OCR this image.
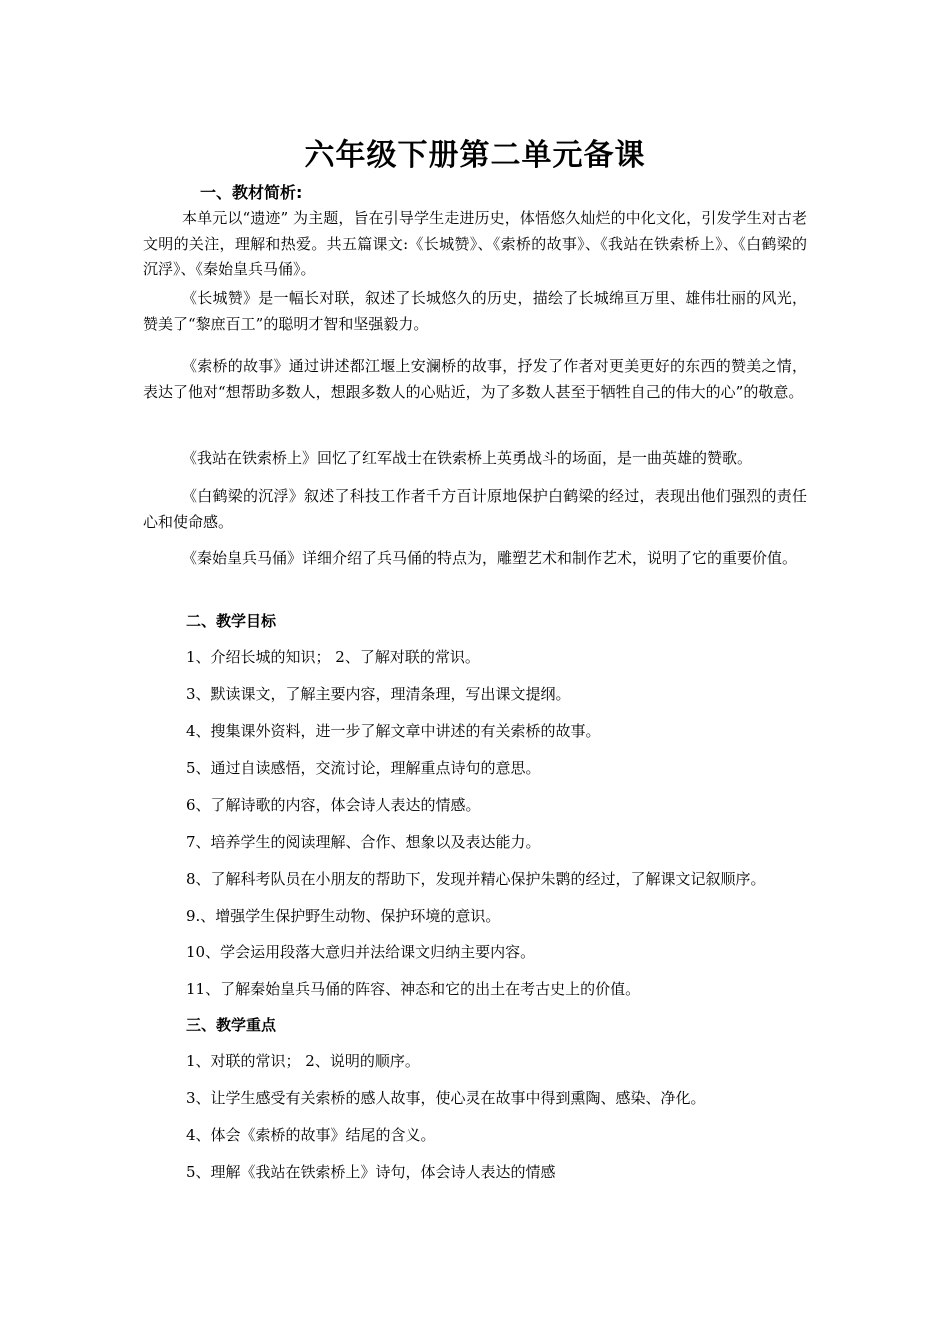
六年级下册第二单元备课
一、教材简析:

本单元以“遗迹” 为主题，旨在引导学生走进历史，体悟悠久灿烂的中化文化，引发学生对古老文明的关注，理解和热爱。共五篇课文:《长城赞》、《索桥的故事》、《我站在铁索桥上》、《白鹤梁的沉浮》、《秦始皇兵马俑》。

《长城赞》是一幅长对联，叙述了长城悠久的历史，描绘了长城绵亘万里、雄伟壮丽的风光，赞美了“黎庶百工”的聪明才智和坚强毅力。

《索桥的故事》通过讲述都江堰上安澜桥的故事，抒发了作者对更美更好的东西的赞美之情，表达了他对“想帮助多数人，想跟多数人的心贴近，为了多数人甚至于牺牲自己的伟大的心”的敬意。

《我站在铁索桥上》回忆了红军战士在铁索桥上英勇战斗的场面，是一曲英雄的赞歌。

《白鹤梁的沉浮》叙述了科技工作者千方百计原地保护白鹤梁的经过，表现出他们强烈的责任心和使命感。

《秦始皇兵马俑》详细介绍了兵马俑的特点为，雕塑艺术和制作艺术，说明了它的重要价值。

二、教学目标
1、介绍长城的知识； 2、了解对联的常识。
3、默读课文，了解主要内容，理清条理，写出课文提纲。
4、搜集课外资料，进一步了解文章中讲述的有关索桥的故事。
5、通过自读感悟，交流讨论，理解重点诗句的意思。
6、了解诗歌的内容，体会诗人表达的情感。
7、培养学生的阅读理解、合作、想象以及表达能力。
8、了解科考队员在小朋友的帮助下，发现并精心保护朱鹮的经过，了解课文记叙顺序。
9.、增强学生保护野生动物、保护环境的意识。
10、学会运用段落大意归并法给课文归纳主要内容。
11、了解秦始皇兵马俑的阵容、神态和它的出土在考古史上的价值。
三、教学重点
1、对联的常识； 2、说明的顺序。
3、让学生感受有关索桥的感人故事，使心灵在故事中得到熏陶、感染、净化。
4、体会《索桥的故事》结尾的含义。
5、理解《我站在铁索桥上》诗句，体会诗人表达的情感
